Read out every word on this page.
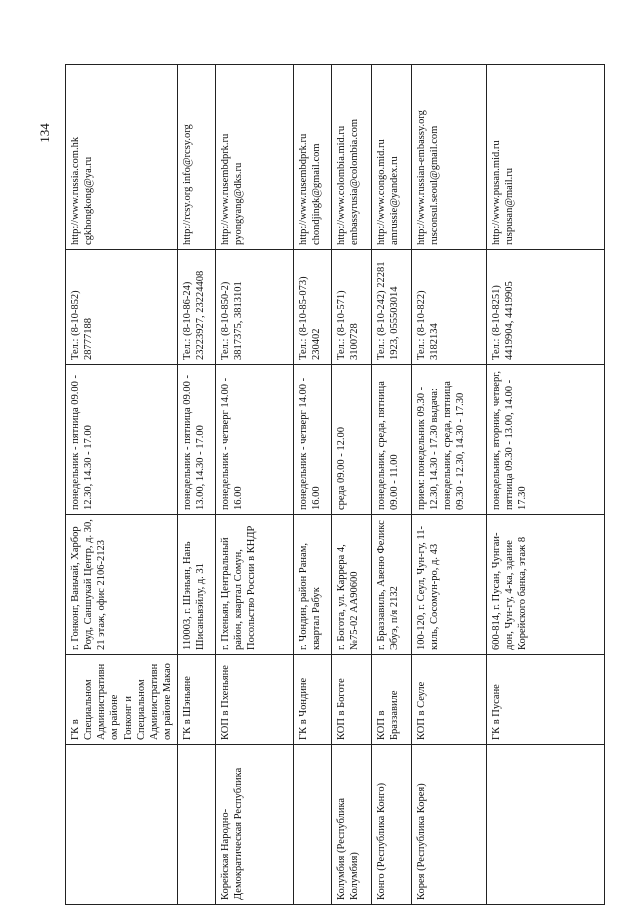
134
	ГК в Специальном Административном районе Гонконг и Специальном Административном районе Макао	г. Гонконг, Ваньчай, Харбор Роуд, Саншукай Центр, д. 30, 21 этаж, офис 2106-2123	понедельник - пятница 09.00 - 12.30, 14.30 - 17.00	Тел.: (8-10-852) 28777188	http://www.russia.com.hk cgkhongkong@ya.ru
	ГК в Шэньяне	110003, г. Шэньян, Нань Шисаньвэйлу, д. 31	понедельник - пятница 09.00 - 13.00, 14.30 - 17.00	Тел.: (8-10-86-24) 23223927, 23224408	http://rcsy.org info@rcsy.org
Корейская Народно-Демократическая Республика	КОП в Пхеньяне	г. Пхеньян, Центральный район, квартал Сомун, Посольство России в КНДР	понедельник - четверг 14.00 - 16.00	Тел.: (8-10-850-2) 3817375, 3813101	http://www.rusembdprk.ru pyongyang@dks.ru
	ГК в Чондине	г. Чондин, район Ранам, квартал Рабук	понедельник - четверг 14.00 - 16.00	Тел.: (8-10-85-073) 230402	http://www.rusembdprk.ru chondjingk@gmail.com
Колумбия (Республика Колумбия)	КОП в Боготе	г. Богота, ул. Каррера 4, №75-02 АА90600	среда 09.00 - 12.00	Тел.: (8-10-571) 3100728	http://www.colombia.mid.ru embassyrusia@colombia.com
Конго (Республика Конго)	КОП в Браззавиле	г. Браззавиль, Авеню Феликс Эбуэ, п/я 2132	понедельник, среда, пятница 09.00 - 11.00	Тел.: (8-10-242) 22281 1923, 055503014	http://www.congo.mid.ru amrussie@yandex.ru
Корея (Республика Корея)	КОП в Сеуле	100-120, г. Сеул, Чун-гу, 11-киль, Сосомун-ро, д. 43	прием: понедельник 09.30 - 12.30, 14.30 - 17.30 выдача: понедельник, среда, пятница 09.30 - 12.30, 14.30 - 17.30	Тел.: (8-10-822) 3182134	http://www.russian-embassy.org rusconsul.seoul@gmail.com
	ГК в Пусане	600-814, г. Пусан, Чунгаи-дон, Чун-гу, 4-ка, здание Корейского банка, этаж 8	понедельник, вторник, четверг, пятница 09.30 - 13.00, 14.00 - 17.30	Тел.: (8-10-8251) 4419904, 4419905	http://www.pusan.mid.ru ruspusan@mail.ru
